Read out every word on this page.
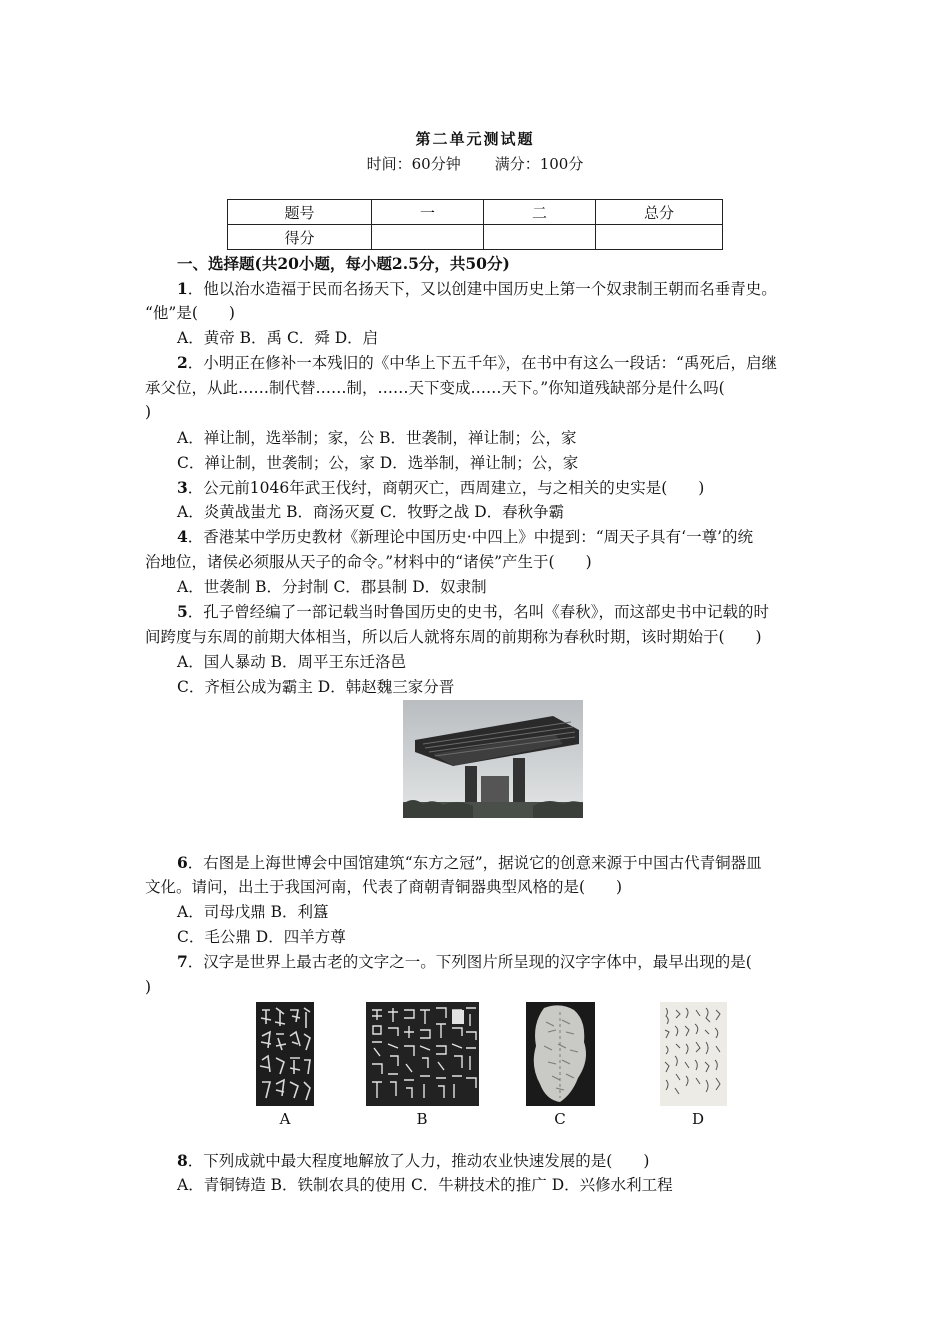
第二单元测试题
时间：60分钟 满分：100分
题号	一	二	总分
得分			
一、选择题(共20小题，每小题2.5分，共50分)
1．他以治水造福于民而名扬天下，又以创建中国历史上第一个奴隶制王朝而名垂青史。
“他”是(　　)
A．黄帝 B．禹 C．舜 D．启
2．小明正在修补一本残旧的《中华上下五千年》，在书中有这么一段话：“禹死后，启继
承父位，从此……制代替……制，……天下变成……天下。”你知道残缺部分是什么吗(
)
A．禅让制，选举制；家，公 B．世袭制，禅让制；公，家
C．禅让制，世袭制；公，家 D．选举制，禅让制；公，家
3．公元前1046年武王伐纣，商朝灭亡，西周建立，与之相关的史实是(　　)
A．炎黄战蚩尤 B．商汤灭夏 C．牧野之战 D．春秋争霸
4．香港某中学历史教材《新理论中国历史·中四上》中提到：“周天子具有‘一尊’的统
治地位，诸侯必须服从天子的命令。”材料中的“诸侯”产生于(　　)
A．世袭制 B．分封制 C．郡县制 D．奴隶制
5．孔子曾经编了一部记载当时鲁国历史的史书，名叫《春秋》，而这部史书中记载的时
间跨度与东周的前期大体相当，所以后人就将东周的前期称为春秋时期，该时期始于(　　)
A．国人暴动 B．周平王东迁洛邑
C．齐桓公成为霸主 D．韩赵魏三家分晋
6．右图是上海世博会中国馆建筑“东方之冠”，据说它的创意来源于中国古代青铜器皿
文化。请问，出土于我国河南，代表了商朝青铜器典型风格的是(　　)
A．司母戊鼎 B．利簋
C．毛公鼎 D．四羊方尊
7．汉字是世界上最古老的文字之一。下列图片所呈现的汉字字体中，最早出现的是(
)
A	B	C	D
8．下列成就中最大程度地解放了人力，推动农业快速发展的是(　　)
A．青铜铸造 B．铁制农具的使用 C．牛耕技术的推广 D．兴修水利工程
